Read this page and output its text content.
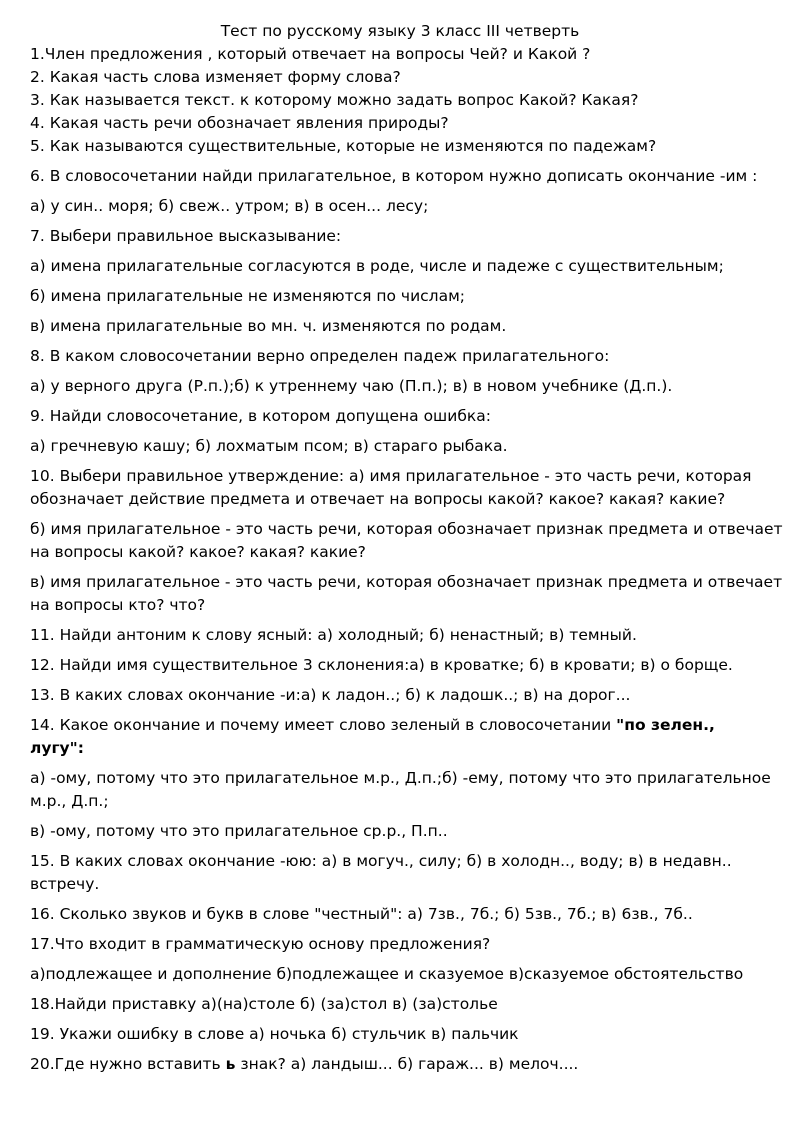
Тест по русскому языку 3 класс III четверть

1.Член предложения , который отвечает на вопросы Чей? и Какой ?

2. Какая часть слова изменяет форму слова?

3. Как называется текст. к которому можно задать вопрос Какой? Какая?

4. Какая часть речи обозначает явления природы?

5. Как называются существительные, которые не изменяются по падежам?

6. В словосочетании найди прилагательное, в котором нужно дописать окончание -им :

а) у син.. моря; б) свеж.. утром; в) в осен... лесу;

7. Выбери правильное высказывание:

а) имена прилагательные согласуются в роде, числе и падеже с существительным;

б) имена прилагательные не изменяются по числам;

в) имена прилагательные во мн. ч. изменяются по родам.

8. В каком словосочетании верно определен падеж прилагательного:

а) у верного друга (Р.п.);б) к утреннему чаю (П.п.); в) в новом учебнике (Д.п.).

9. Найди словосочетание, в котором допущена ошибка:

а) гречневую кашу; б) лохматым псом; в) стараго рыбака.

10. Выбери правильное утверждение: а) имя прилагательное - это часть речи, которая
обозначает действие предмета и отвечает на вопросы какой? какое? какая? какие?

б) имя прилагательное - это часть речи, которая обозначает признак предмета и отвечает
на вопросы какой? какое? какая? какие?

в) имя прилагательное - это часть речи, которая обозначает признак предмета и отвечает
на вопросы кто? что?

11. Найди антоним к слову ясный: а) холодный; б) ненастный; в) темный.

12. Найди имя существительное 3 склонения:а) в кроватке; б) в кровати; в) о борще.

13. В каких словах окончание -и:а) к ладон..; б) к ладошк..; в) на дорог...

14. Какое окончание и почему имеет слово зеленый в словосочетании "по зелен., лугу":

а) -ому, потому что это прилагательное м.р., Д.п.;б) -ему, потому что это прилагательное
м.р., Д.п.;

в) -ому, потому что это прилагательное ср.р., П.п..

15. В каких словах окончание -юю: а) в могуч., силу; б) в холодн.., воду; в) в недавн..
встречу.

16. Сколько звуков и букв в слове "честный": а) 7зв., 7б.; б) 5зв., 7б.; в) 6зв., 7б..

17.Что входит в грамматическую основу предложения?

а)подлежащее и дополнение б)подлежащее и сказуемое в)сказуемое обстоятельство

18.Найди приставку а)(на)столе б) (за)стол в) (за)столье

19. Укажи ошибку в слове а) ночька б) стульчик в) пальчик

20.Где нужно вставить ь знак? а) ландыш... б) гараж... в) мелоч....
